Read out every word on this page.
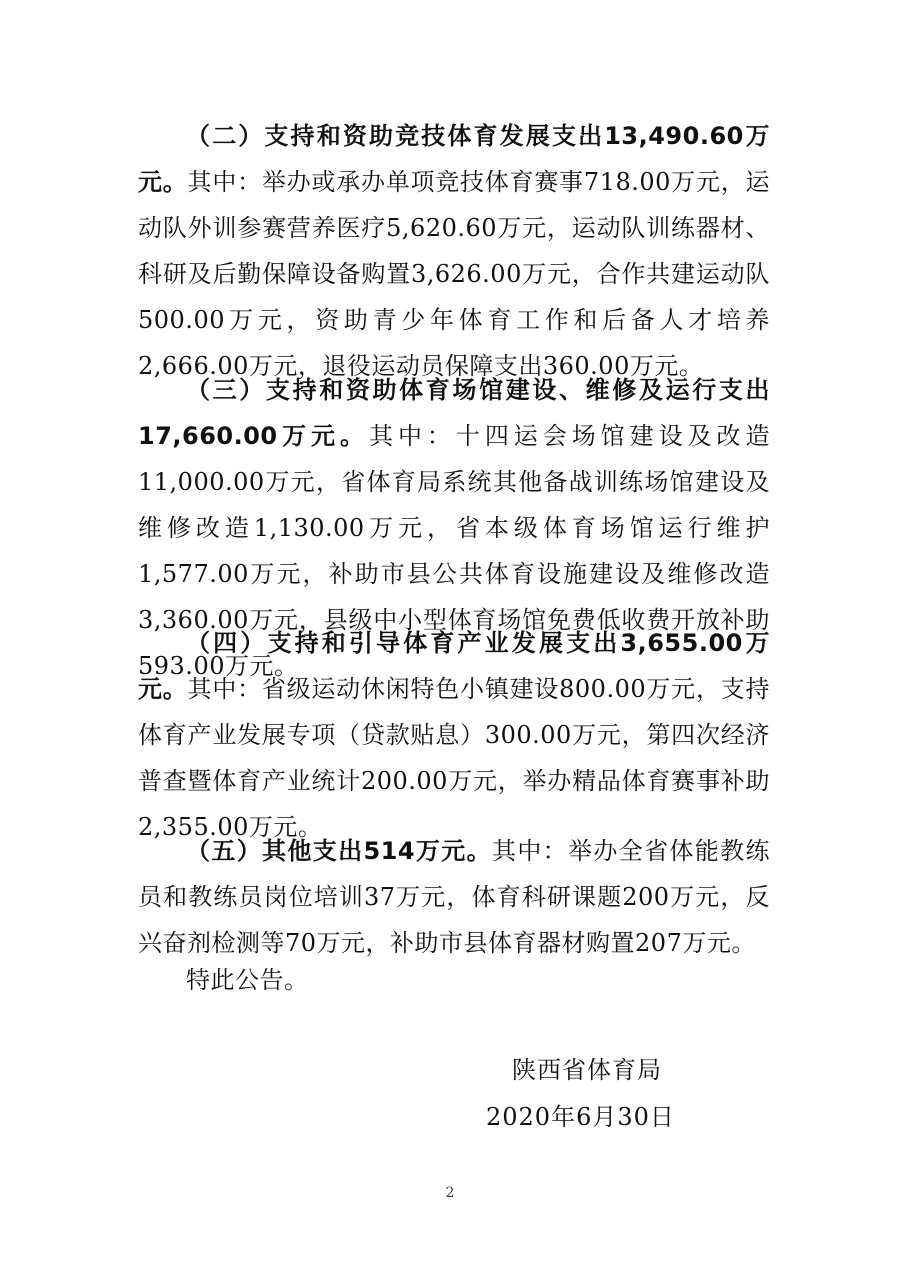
（二）支持和资助竞技体育发展支出13,490.60万元。其中：举办或承办单项竞技体育赛事718.00万元，运动队外训参赛营养医疗5,620.60万元，运动队训练器材、科研及后勤保障设备购置3,626.00万元，合作共建运动队500.00万元，资助青少年体育工作和后备人才培养2,666.00万元，退役运动员保障支出360.00万元。

（三）支持和资助体育场馆建设、维修及运行支出17,660.00万元。其中：十四运会场馆建设及改造11,000.00万元，省体育局系统其他备战训练场馆建设及维修改造1,130.00万元，省本级体育场馆运行维护1,577.00万元，补助市县公共体育设施建设及维修改造3,360.00万元，县级中小型体育场馆免费低收费开放补助593.00万元。

（四）支持和引导体育产业发展支出3,655.00万元。其中：省级运动休闲特色小镇建设800.00万元，支持体育产业发展专项（贷款贴息）300.00万元，第四次经济普查暨体育产业统计200.00万元，举办精品体育赛事补助2,355.00万元。

（五）其他支出514万元。其中：举办全省体能教练员和教练员岗位培训37万元，体育科研课题200万元，反兴奋剂检测等70万元，补助市县体育器材购置207万元。

特此公告。

陕西省体育局
2020年6月30日
2
